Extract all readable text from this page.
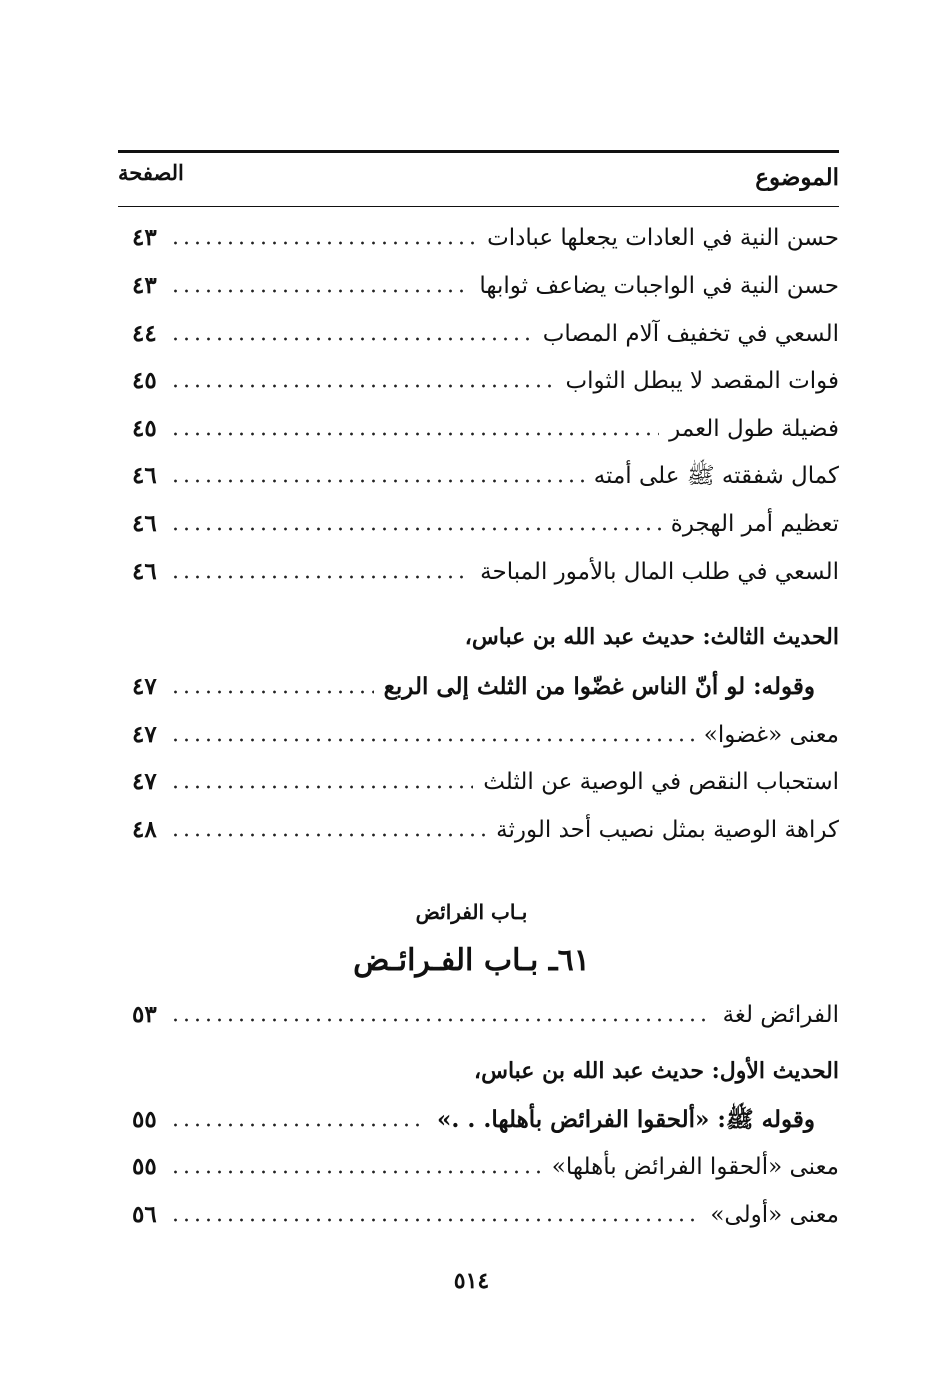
الموضوع
الصفحة
حسن النية في العادات يجعلها عبادات
٤٣
حسن النية في الواجبات يضاعف ثوابها
٤٣
السعي في تخفيف آلام المصاب
٤٤
فوات المقصد لا يبطل الثواب
٤٥
فضيلة طول العمر
٤٥
كمال شفقته ﷺ على أمته
٤٦
تعظيم أمر الهجرة
٤٦
السعي في طلب المال بالأمور المباحة
٤٦
الحديث الثالث: حديث عبد الله بن عباس،
وقوله: لو أنّ الناس غضّوا من الثلث إلى الربع
٤٧
معنى «غضوا»
٤٧
استحباب النقص في الوصية عن الثلث
٤٧
كراهة الوصية بمثل نصيب أحد الورثة
٤٨
بـاب الفرائض
٦١ـ بـاب الفـرائـض
الفرائض لغة
٥٣
الحديث الأول: حديث عبد الله بن عباس،
وقوله ﷺ: «ألحقوا الفرائض بأهلها. . .»
٥٥
معنى «ألحقوا الفرائض بأهلها»
٥٥
معنى «أولى»
٥٦
٥١٤
